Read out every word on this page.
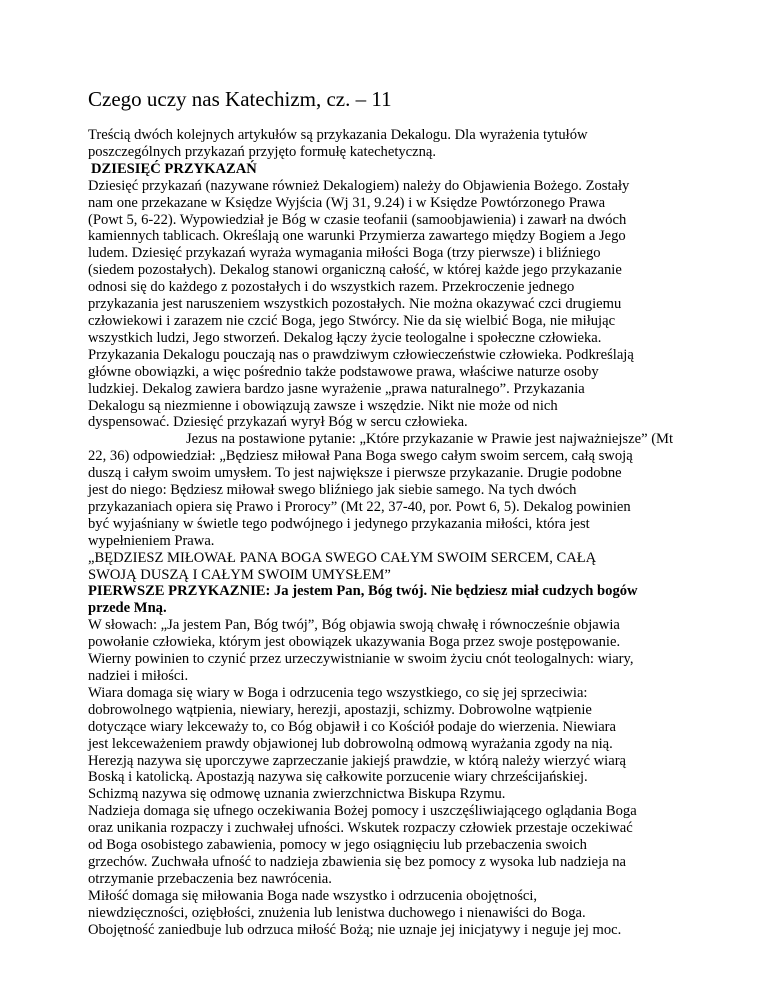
Czego uczy nas Katechizm, cz. – 11
Treścią dwóch kolejnych artykułów są przykazania Dekalogu. Dla wyrażenia tytułów
poszczególnych przykazań przyjęto formułę katechetyczną.
DZIESIĘĆ PRZYKAZAŃ
Dziesięć przykazań (nazywane również Dekalogiem) należy do Objawienia Bożego. Zostały
nam one przekazane w Księdze Wyjścia (Wj 31, 9.24) i w Księdze Powtórzonego Prawa
(Powt 5, 6-22). Wypowiedział je Bóg w czasie teofanii (samoobjawienia) i zawarł na dwóch
kamiennych tablicach. Określają one warunki Przymierza zawartego między Bogiem a Jego
ludem. Dziesięć przykazań wyraża wymagania miłości Boga (trzy pierwsze) i bliźniego
(siedem pozostałych). Dekalog stanowi organiczną całość, w której każde jego przykazanie
odnosi się do każdego z pozostałych i do wszystkich razem. Przekroczenie jednego
przykazania jest naruszeniem wszystkich pozostałych. Nie można okazywać czci drugiemu
człowiekowi i zarazem nie czcić Boga, jego Stwórcy. Nie da się wielbić Boga, nie miłując
wszystkich ludzi, Jego stworzeń. Dekalog łączy życie teologalne i społeczne człowieka.
Przykazania Dekalogu pouczają nas o prawdziwym człowieczeństwie człowieka. Podkreślają
główne obowiązki, a więc pośrednio także podstawowe prawa, właściwe naturze osoby
ludzkiej. Dekalog zawiera bardzo jasne wyrażenie „prawa naturalnego”. Przykazania
Dekalogu są niezmienne i obowiązują zawsze i wszędzie. Nikt nie może od nich
dyspensować. Dziesięć przykazań wyrył Bóg w sercu człowieka.
Jezus na postawione pytanie: „Które przykazanie w Prawie jest najważniejsze” (Mt
22, 36) odpowiedział: „Będziesz miłował Pana Boga swego całym swoim sercem, całą swoją
duszą i całym swoim umysłem. To jest największe i pierwsze przykazanie. Drugie podobne
jest do niego: Będziesz miłował swego bliźniego jak siebie samego. Na tych dwóch
przykazaniach opiera się Prawo i Prorocy” (Mt 22, 37-40, por. Powt 6, 5). Dekalog powinien
być wyjaśniany w świetle tego podwójnego i jedynego przykazania miłości, która jest
wypełnieniem Prawa.
„BĘDZIESZ MIŁOWAŁ PANA BOGA SWEGO CAŁYM SWOIM SERCEM, CAŁĄ
SWOJĄ DUSZĄ I CAŁYM SWOIM UMYSŁEM”
PIERWSZE PRZYKAZNIE: Ja jestem Pan, Bóg twój. Nie będziesz miał cudzych bogów
przede Mną.
W słowach: „Ja jestem Pan, Bóg twój”, Bóg objawia swoją chwałę i równocześnie objawia
powołanie człowieka, którym jest obowiązek ukazywania Boga przez swoje postępowanie.
Wierny powinien to czynić przez urzeczywistnianie w swoim życiu cnót teologalnych: wiary,
nadziei i miłości.
Wiara domaga się wiary w Boga i odrzucenia tego wszystkiego, co się jej sprzeciwia:
dobrowolnego wątpienia, niewiary, herezji, apostazji, schizmy. Dobrowolne wątpienie
dotyczące wiary lekceważy to, co Bóg objawił i co Kościół podaje do wierzenia. Niewiara
jest lekceważeniem prawdy objawionej lub dobrowolną odmową wyrażania zgody na nią.
Herezją nazywa się uporczywe zaprzeczanie jakiejś prawdzie, w którą należy wierzyć wiarą
Boską i katolicką. Apostazją nazywa się całkowite porzucenie wiary chrześcijańskiej.
Schizmą nazywa się odmowę uznania zwierzchnictwa Biskupa Rzymu.
Nadzieja domaga się ufnego oczekiwania Bożej pomocy i uszczęśliwiającego oglądania Boga
oraz unikania rozpaczy i zuchwałej ufności. Wskutek rozpaczy człowiek przestaje oczekiwać
od Boga osobistego zabawienia, pomocy w jego osiągnięciu lub przebaczenia swoich
grzechów. Zuchwała ufność to nadzieja zbawienia się bez pomocy z wysoka lub nadzieja na
otrzymanie przebaczenia bez nawrócenia.
Miłość domaga się miłowania Boga nade wszystko i odrzucenia obojętności,
niewdzięczności, oziębłości, znużenia lub lenistwa duchowego i nienawiści do Boga.
Obojętność zaniedbuje lub odrzuca miłość Bożą; nie uznaje jej inicjatywy i neguje jej moc.
